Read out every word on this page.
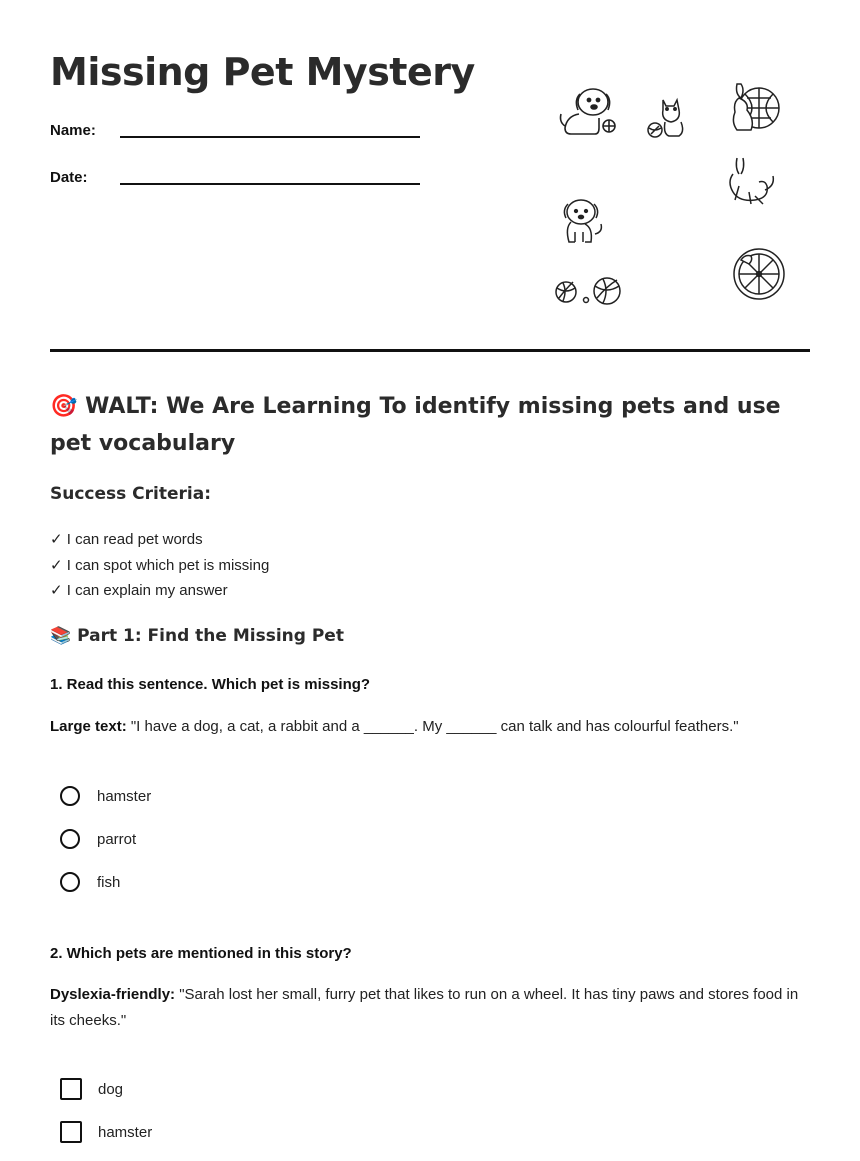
Missing Pet Mystery
Name:
Date:
🎯 WALT: We Are Learning To identify missing pets and use pet vocabulary
Success Criteria:
✓ I can read pet words
✓ I can spot which pet is missing
✓ I can explain my answer
📚 Part 1: Find the Missing Pet

1. Read this sentence. Which pet is missing?

Large text: "I have a dog, a cat, a rabbit and a ______. My ______ can talk and has colourful feathers."

hamster
parrot
fish

2. Which pets are mentioned in this story?

Dyslexia-friendly: "Sarah lost her small, furry pet that likes to run on a wheel. It has tiny paws and stores food in its cheeks."

dog
hamster
